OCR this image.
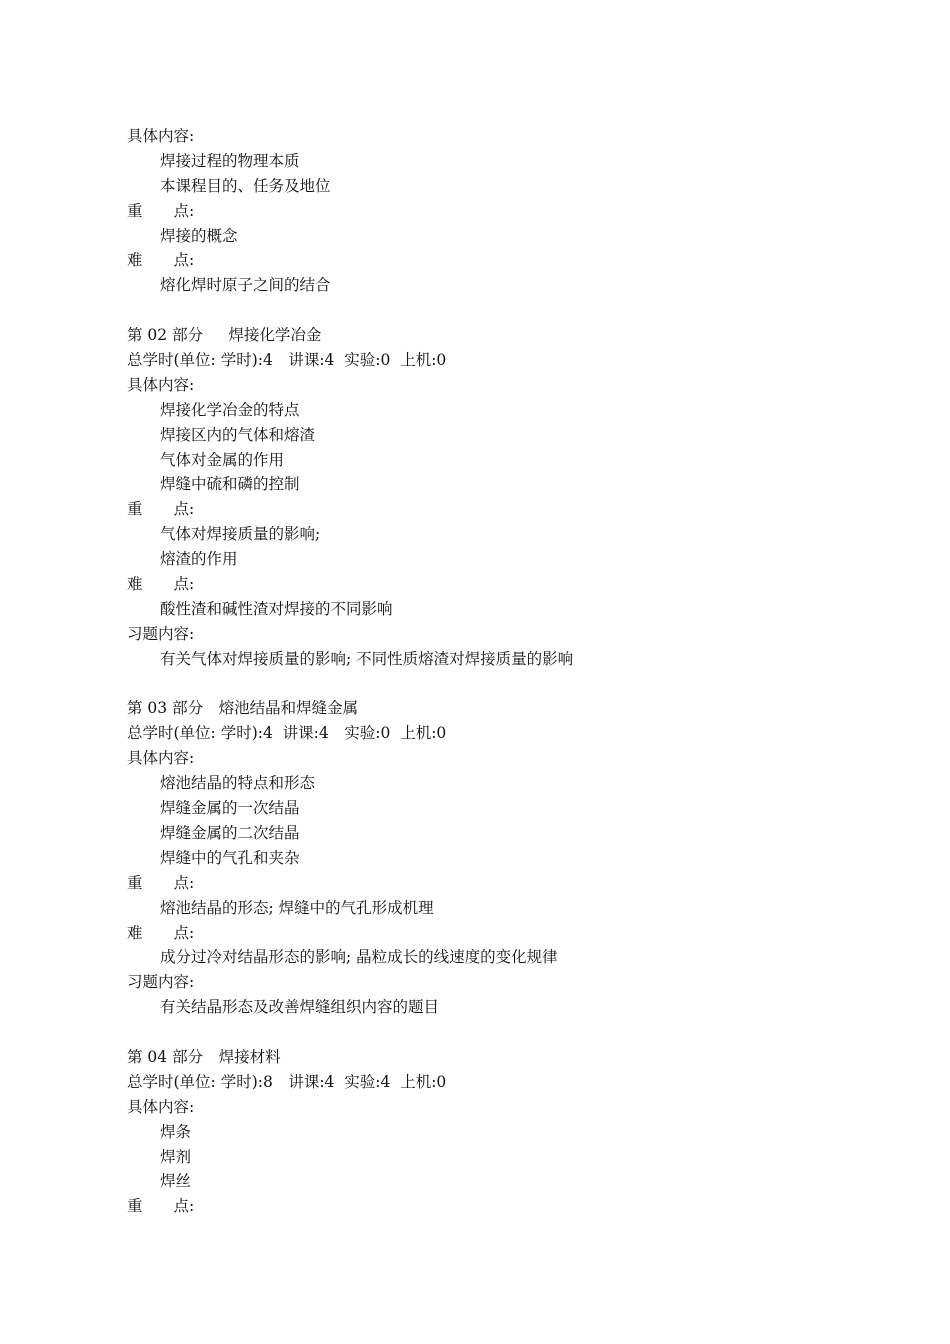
具体内容:
焊接过程的物理本质
本课程目的、任务及地位
重　　点:
焊接的概念
难　　点:
熔化焊时原子之间的结合
第 02 部分　  焊接化学冶金
总学时(单位: 学时):4　讲课:4  实验:0  上机:0
具体内容:
焊接化学冶金的特点
焊接区内的气体和熔渣
气体对金属的作用
焊缝中硫和磷的控制
重　　点:
气体对焊接质量的影响;
熔渣的作用
难　　点:
酸性渣和碱性渣对焊接的不同影响
习题内容:
有关气体对焊接质量的影响; 不同性质熔渣对焊接质量的影响
第 03 部分　熔池结晶和焊缝金属
总学时(单位: 学时):4  讲课:4　实验:0  上机:0
具体内容:
熔池结晶的特点和形态
焊缝金属的一次结晶
焊缝金属的二次结晶
焊缝中的气孔和夹杂
重　　点:
熔池结晶的形态; 焊缝中的气孔形成机理
难　　点:
成分过冷对结晶形态的影响; 晶粒成长的线速度的变化规律
习题内容:
有关结晶形态及改善焊缝组织内容的题目
第 04 部分　焊接材料
总学时(单位: 学时):8　讲课:4  实验:4  上机:0
具体内容:
焊条
焊剂
焊丝
重　　点:
